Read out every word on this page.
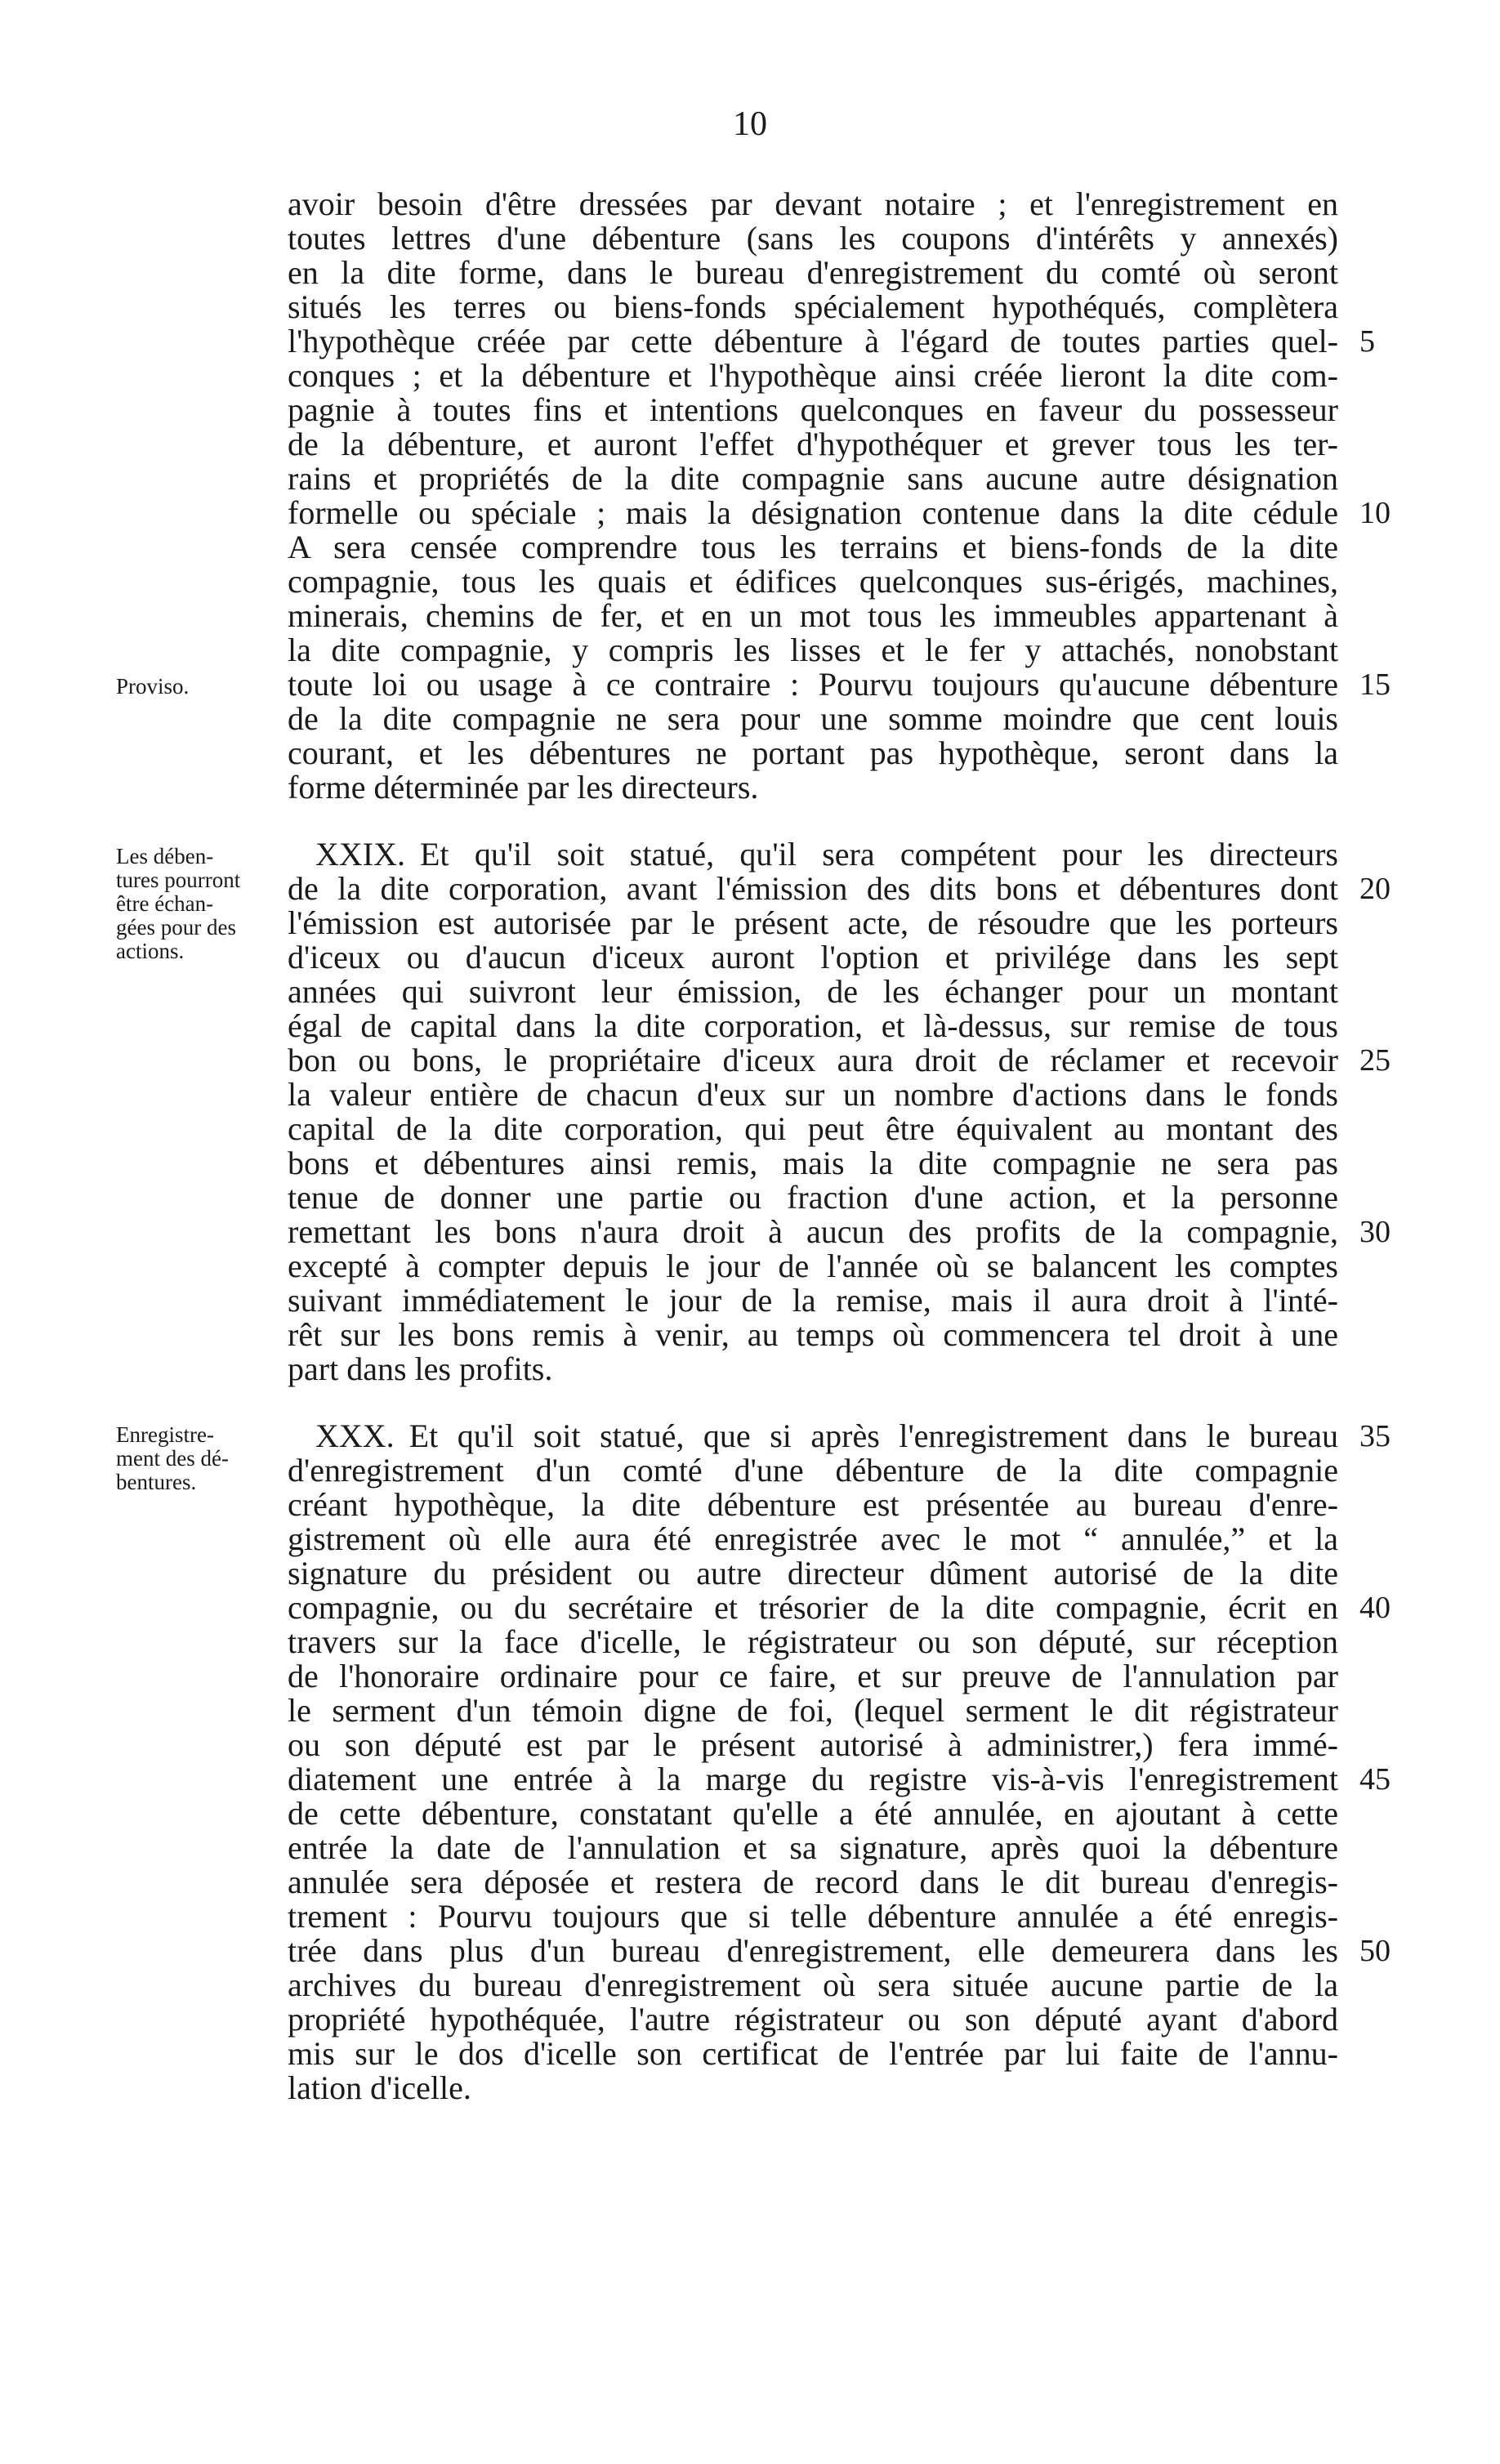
10
avoir besoin d'être dressées par devant notaire ; et l'enregistrement en
toutes lettres d'une débenture (sans les coupons d'intérêts y annexés)
en la dite forme, dans le bureau d'enregistrement du comté où seront
situés les terres ou biens-fonds spécialement hypothéqués, complètera
l'hypothèque créée par cette débenture à l'égard de toutes parties quel-
conques ; et la débenture et l'hypothèque ainsi créée lieront la dite com-
pagnie à toutes fins et intentions quelconques en faveur du possesseur
de la débenture, et auront l'effet d'hypothéquer et grever tous les ter-
rains et propriétés de la dite compagnie sans aucune autre désignation
formelle ou spéciale ; mais la désignation contenue dans la dite cédule
A sera censée comprendre tous les terrains et biens-fonds de la dite
compagnie, tous les quais et édifices quelconques sus-érigés, machines,
minerais, chemins de fer, et en un mot tous les immeubles appartenant à
la dite compagnie, y compris les lisses et le fer y attachés, nonobstant
toute loi ou usage à ce contraire : Pourvu toujours qu'aucune débenture
de la dite compagnie ne sera pour une somme moindre que cent louis
courant, et les débentures ne portant pas hypothèque, seront dans la
forme déterminée par les directeurs.
XXIX. Et qu'il soit statué, qu'il sera compétent pour les directeurs
de la dite corporation, avant l'émission des dits bons et débentures dont
l'émission est autorisée par le présent acte, de résoudre que les porteurs
d'iceux ou d'aucun d'iceux auront l'option et privilége dans les sept
années qui suivront leur émission, de les échanger pour un montant
égal de capital dans la dite corporation, et là-dessus, sur remise de tous
bon ou bons, le propriétaire d'iceux aura droit de réclamer et recevoir
la valeur entière de chacun d'eux sur un nombre d'actions dans le fonds
capital de la dite corporation, qui peut être équivalent au montant des
bons et débentures ainsi remis, mais la dite compagnie ne sera pas
tenue de donner une partie ou fraction d'une action, et la personne
remettant les bons n'aura droit à aucun des profits de la compagnie,
excepté à compter depuis le jour de l'année où se balancent les comptes
suivant immédiatement le jour de la remise, mais il aura droit à l'inté-
rêt sur les bons remis à venir, au temps où commencera tel droit à une
part dans les profits.
XXX. Et qu'il soit statué, que si après l'enregistrement dans le bureau
d'enregistrement d'un comté d'une débenture de la dite compagnie
créant hypothèque, la dite débenture est présentée au bureau d'enre-
gistrement où elle aura été enregistrée avec le mot “ annulée,” et la
signature du président ou autre directeur dûment autorisé de la dite
compagnie, ou du secrétaire et trésorier de la dite compagnie, écrit en
travers sur la face d'icelle, le régistrateur ou son député, sur réception
de l'honoraire ordinaire pour ce faire, et sur preuve de l'annulation par
le serment d'un témoin digne de foi, (lequel serment le dit régistrateur
ou son député est par le présent autorisé à administrer,) fera immé-
diatement une entrée à la marge du registre vis-à-vis l'enregistrement
de cette débenture, constatant qu'elle a été annulée, en ajoutant à cette
entrée la date de l'annulation et sa signature, après quoi la débenture
annulée sera déposée et restera de record dans le dit bureau d'enregis-
trement : Pourvu toujours que si telle débenture annulée a été enregis-
trée dans plus d'un bureau d'enregistrement, elle demeurera dans les
archives du bureau d'enregistrement où sera située aucune partie de la
propriété hypothéquée, l'autre régistrateur ou son député ayant d'abord
mis sur le dos d'icelle son certificat de l'entrée par lui faite de l'annu-
lation d'icelle.
5
10
15
20
25
30
35
40
45
50
Proviso.
Les dében-
tures pourront
être échan-
gées pour des
actions.
Enregistre-
ment des dé-
bentures.
